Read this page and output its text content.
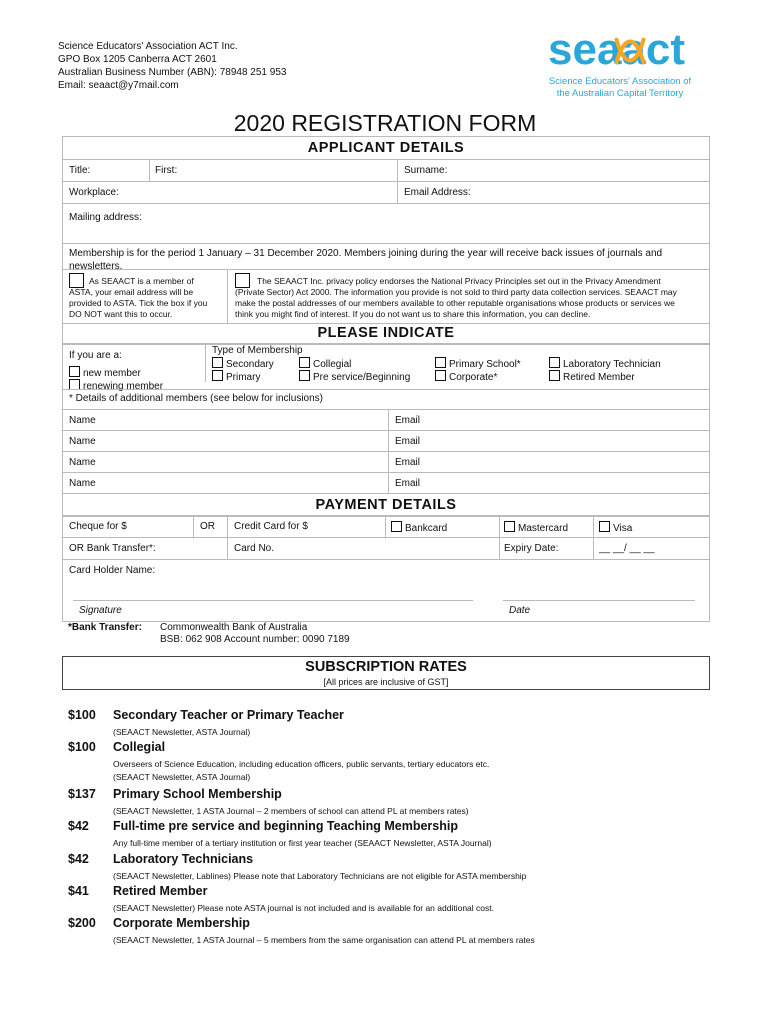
Science Educators' Association ACT Inc.
GPO Box 1205 Canberra ACT 2601
Australian Business Number (ABN): 78948 251 953
Email: seaact@y7mail.com
seaact
Science Educators' Association of
the Australian Capital Territory
2020 REGISTRATION FORM
APPLICANT DETAILS
Title:	First:	Surname:
Workplace:	Email Address:
Mailing address:
Membership is for the period 1 January – 31 December 2020. Members joining during the year will receive back issues of journals and newsletters.
As SEAACT is a member of
ASTA, your email address will be
provided to ASTA. Tick the box if you
DO NOT want this to occur.
The SEAACT Inc. privacy policy endorses the National Privacy Principles set out in the Privacy Amendment
(Private Sector) Act 2000. The information you provide is not sold to third party data collection services. SEAACT may
make the postal addresses of our members available to other reputable organisations whose products or services we
think you might find of interest. If you do not want us to share this information, you can decline.
PLEASE INDICATE
If you are a:
new member
renewing member
Type of Membership
Secondary
Primary
Collegial
Pre service/Beginning
Primary School*
Corporate*
Laboratory Technician
Retired Member
* Details of additional members (see below for inclusions)
Name	Email
Name	Email
Name	Email
Name	Email
PAYMENT DETAILS
Cheque for $	OR Credit Card for $	Bankcard	Mastercard	Visa
OR Bank Transfer*:	Card No.	Expiry Date:	__ __/ __ __
Card Holder Name:
Signature	Date
*Bank Transfer: Commonwealth Bank of Australia
BSB: 062 908 Account number: 0090 7189
SUBSCRIPTION RATES
[All prices are inclusive of GST]
$100 Secondary Teacher or Primary Teacher
(SEAACT Newsletter, ASTA Journal)
$100 Collegial
Overseers of Science Education, including education officers, public servants, tertiary educators etc.
(SEAACT Newsletter, ASTA Journal)
$137 Primary School Membership
(SEAACT Newsletter, 1 ASTA Journal – 2 members of school can attend PL at members rates)
$42 Full-time pre service and beginning Teaching Membership
Any full-time member of a tertiary institution or first year teacher (SEAACT Newsletter, ASTA Journal)
$42 Laboratory Technicians
(SEAACT Newsletter, Lablines) Please note that Laboratory Technicians are not eligible for ASTA membership
$41 Retired Member
(SEAACT Newsletter) Please note ASTA journal is not included and is available for an additional cost.
$200 Corporate Membership
(SEAACT Newsletter, 1 ASTA Journal – 5 members from the same organisation can attend PL at members rates
